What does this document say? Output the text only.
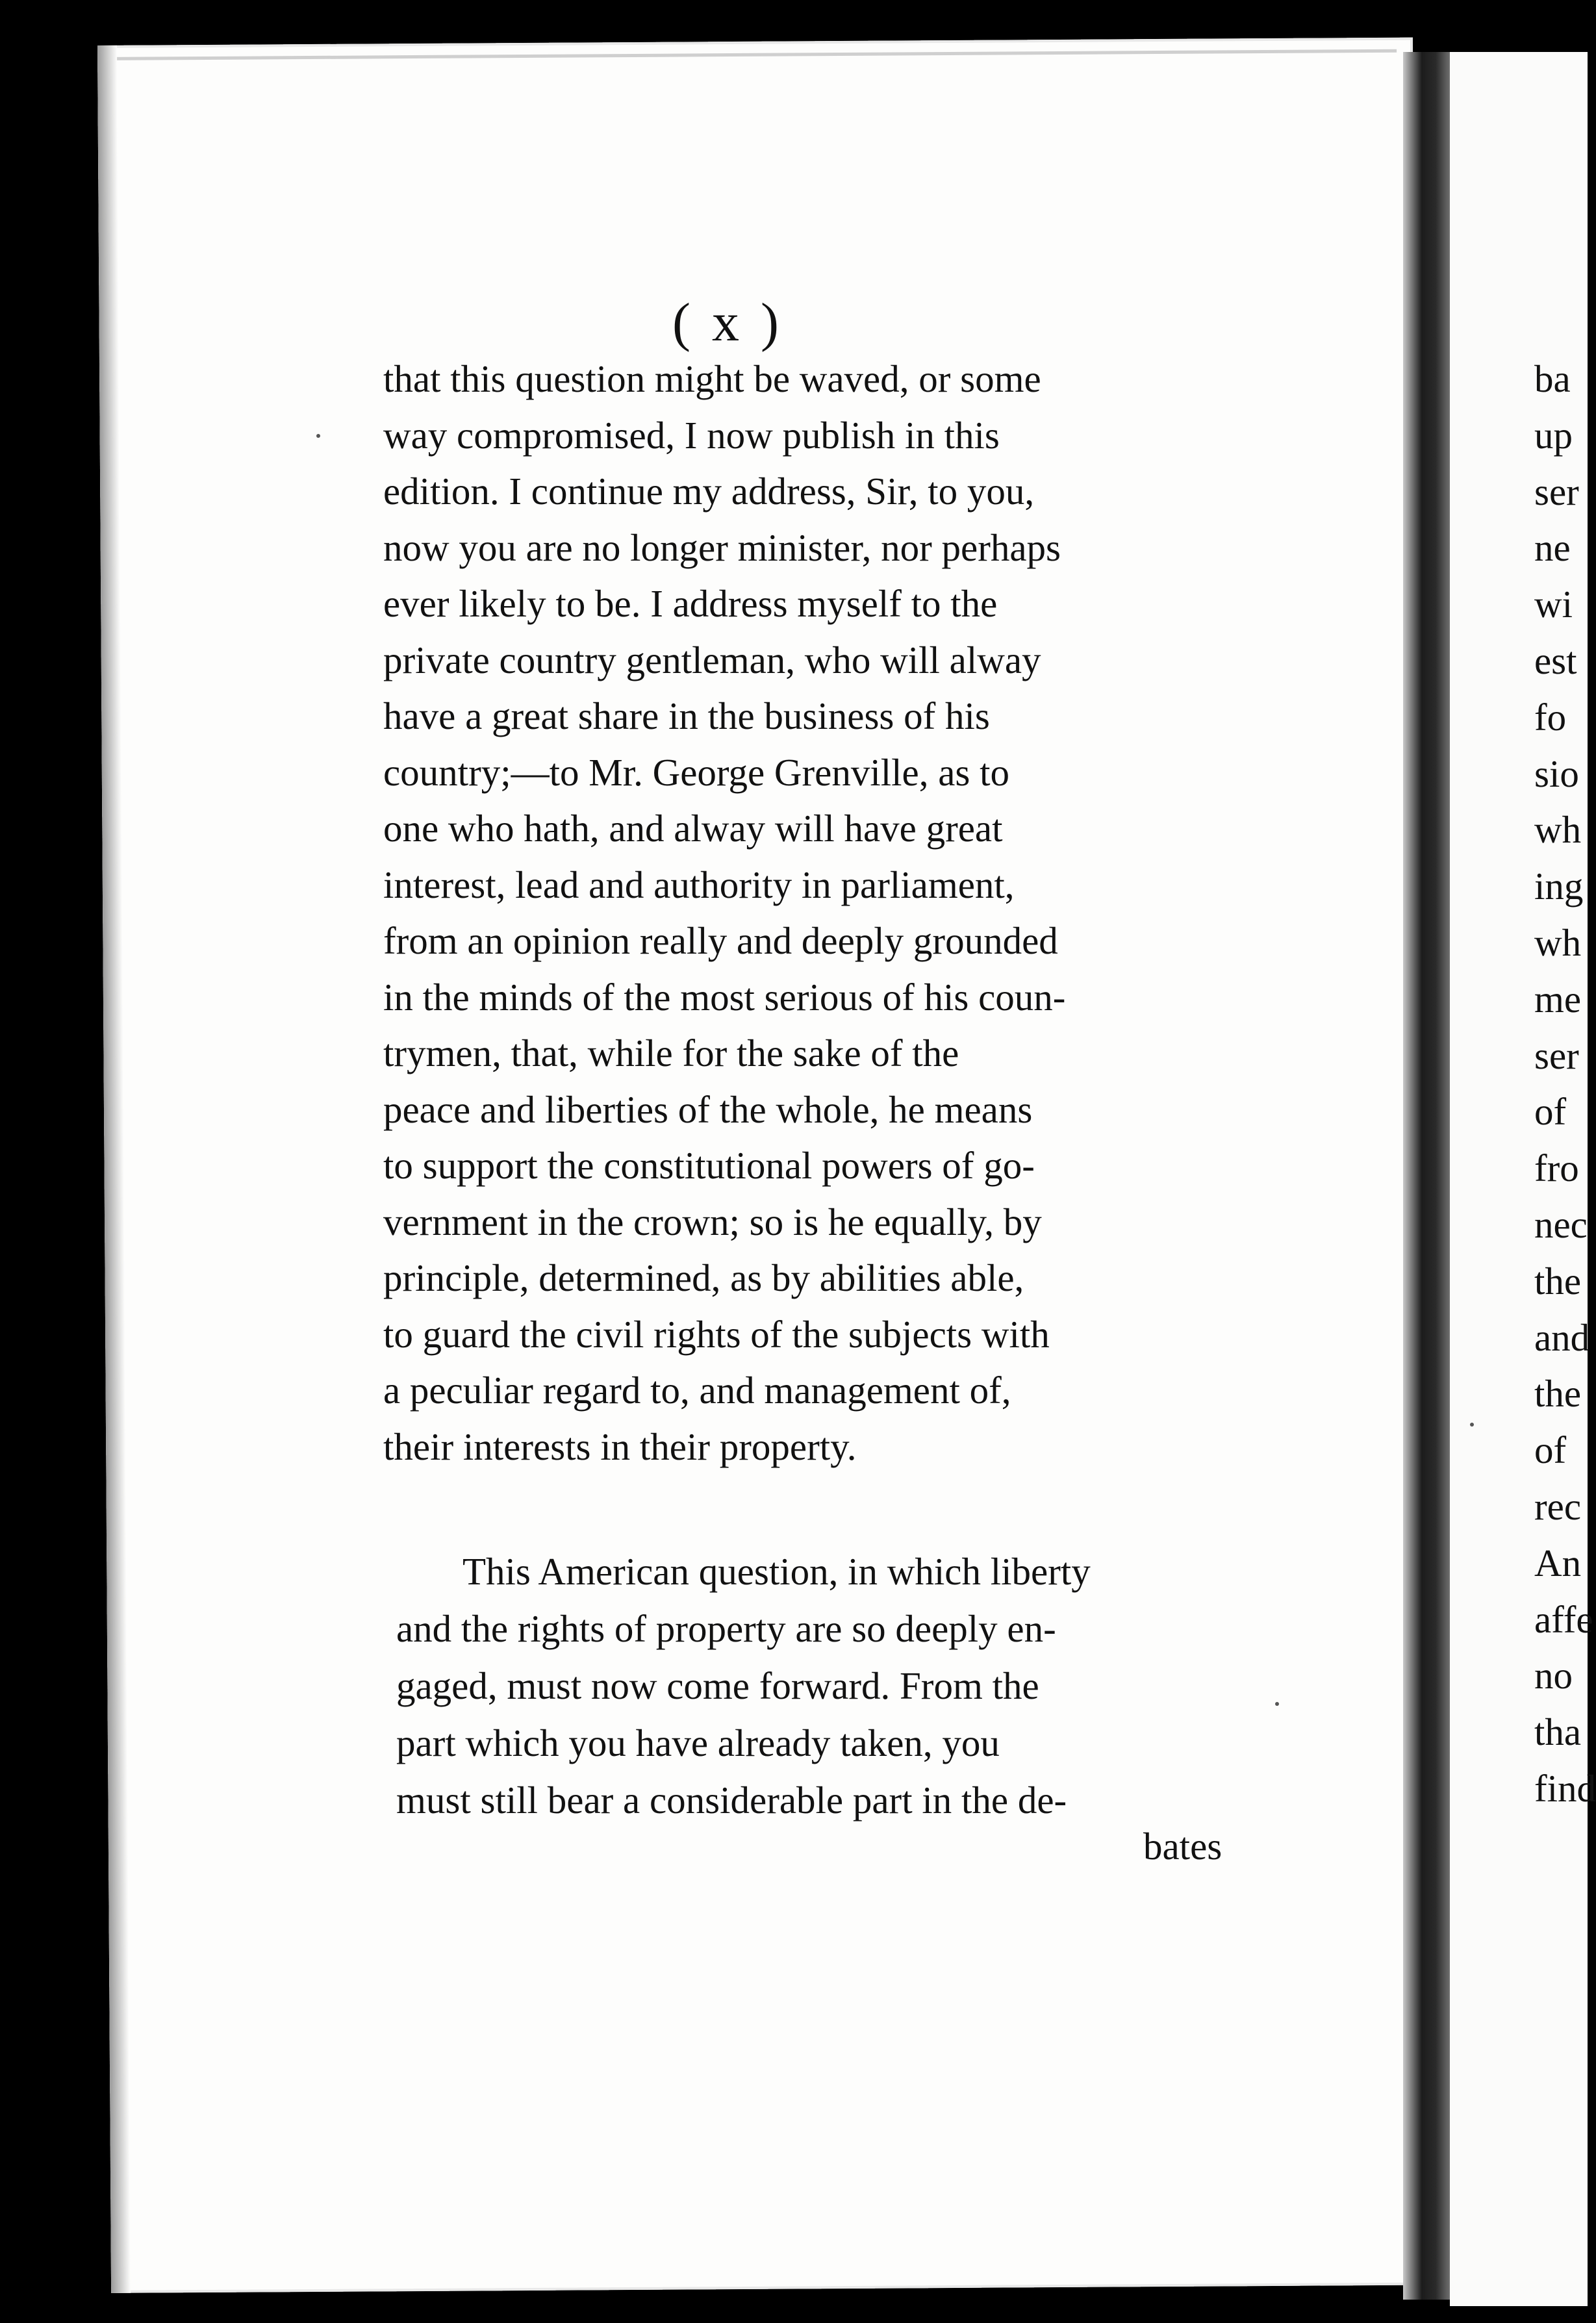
ba
up
ser
ne
wi
est
fo
sio
wh
ing
wh
me
ser
of
fro
nec
the
and
the
of
rec
An
affe
no
tha
find
( x )
that this question might be waved, or some
way compromised, I now publish in this
edition. I continue my address, Sir, to you,
now you are no longer minister, nor perhaps
ever likely to be. I address myself to the
private country gentleman, who will alway
have a great share in the business of his
country;—to Mr. George Grenville, as to
one who hath, and alway will have great
interest, lead and authority in parliament,
from an opinion really and deeply grounded
in the minds of the most serious of his coun-
trymen, that, while for the sake of the
peace and liberties of the whole, he means
to support the constitutional powers of go-
vernment in the crown; so is he equally, by
principle, determined, as by abilities able,
to guard the civil rights of the subjects with
a peculiar regard to, and management of,
their interests in their property.
This American question, in which liberty
and the rights of property are so deeply en-
gaged, must now come forward. From the
part which you have already taken, you
must still bear a considerable part in the de-
bates
